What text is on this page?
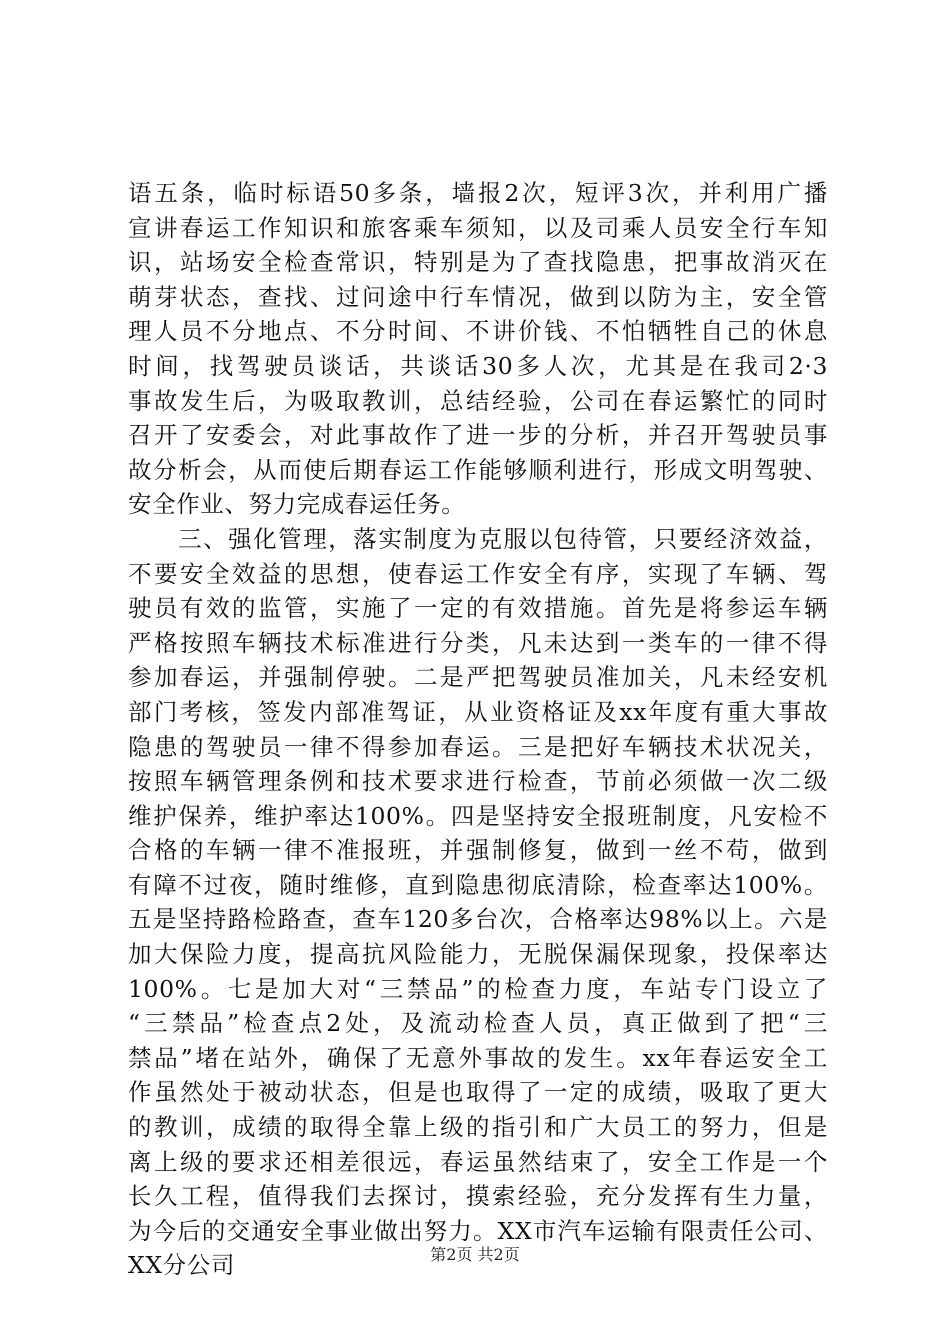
语五条，临时标语50多条，墙报2次，短评3次，并利用广播
宣讲春运工作知识和旅客乘车须知，以及司乘人员安全行车知
识，站场安全检查常识，特别是为了查找隐患，把事故消灭在
萌芽状态，查找、过问途中行车情况，做到以防为主，安全管
理人员不分地点、不分时间、不讲价钱、不怕牺牲自己的休息
时间，找驾驶员谈话，共谈话30多人次，尤其是在我司2·3
事故发生后，为吸取教训，总结经验，公司在春运繁忙的同时
召开了安委会，对此事故作了进一步的分析，并召开驾驶员事
故分析会，从而使后期春运工作能够顺利进行，形成文明驾驶、
安全作业、努力完成春运任务。
　　三、强化管理，落实制度为克服以包待管，只要经济效益，
不要安全效益的思想，使春运工作安全有序，实现了车辆、驾
驶员有效的监管，实施了一定的有效措施。首先是将参运车辆
严格按照车辆技术标准进行分类，凡未达到一类车的一律不得
参加春运，并强制停驶。二是严把驾驶员准加关，凡未经安机
部门考核，签发内部准驾证，从业资格证及xx年度有重大事故
隐患的驾驶员一律不得参加春运。三是把好车辆技术状况关，
按照车辆管理条例和技术要求进行检查，节前必须做一次二级
维护保养，维护率达100%。四是坚持安全报班制度，凡安检不
合格的车辆一律不准报班，并强制修复，做到一丝不苟，做到
有障不过夜，随时维修，直到隐患彻底清除，检查率达100%。
五是坚持路检路查，查车120多台次，合格率达98%以上。六是
加大保险力度，提高抗风险能力，无脱保漏保现象，投保率达
100%。七是加大对“三禁品”的检查力度，车站专门设立了
“三禁品”检查点2处，及流动检查人员，真正做到了把“三
禁品”堵在站外，确保了无意外事故的发生。xx年春运安全工
作虽然处于被动状态，但是也取得了一定的成绩，吸取了更大
的教训，成绩的取得全靠上级的指引和广大员工的努力，但是
离上级的要求还相差很远，春运虽然结束了，安全工作是一个
长久工程，值得我们去探讨，摸索经验，充分发挥有生力量，
为今后的交通安全事业做出努力。XX市汽车运输有限责任公司、
XX分公司	第2页 共2页
